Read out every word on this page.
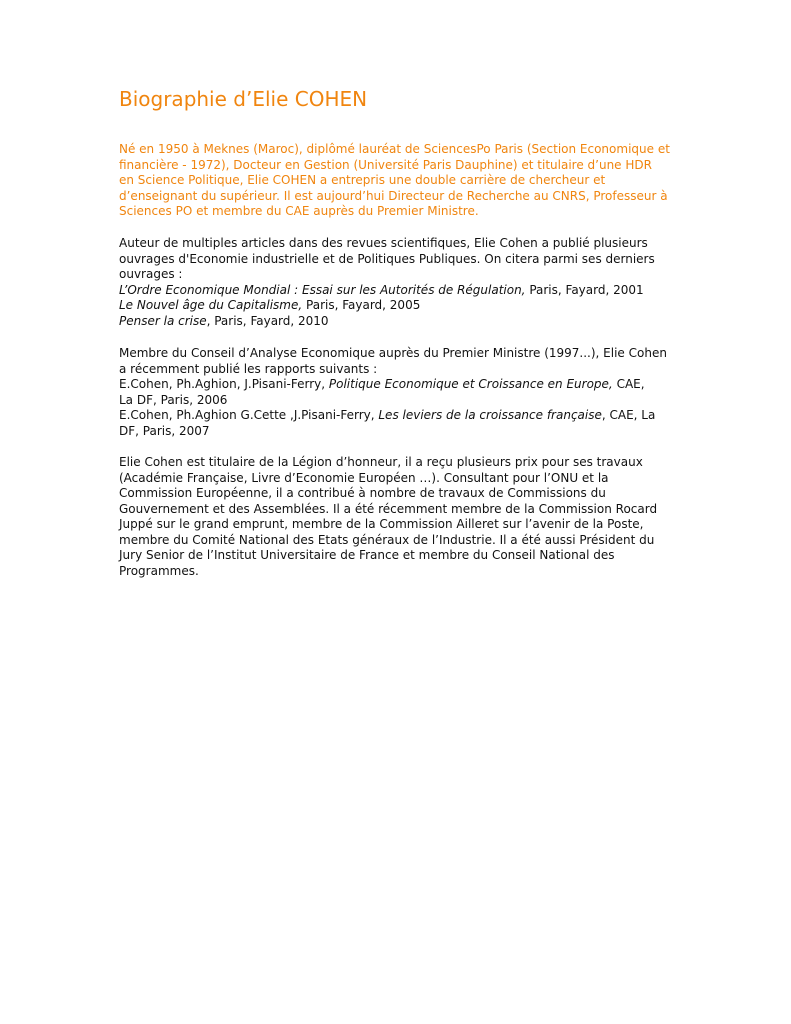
Biographie d’Elie COHEN
Né en 1950 à Meknes (Maroc), diplômé lauréat de SciencesPo Paris (Section Economique et
financière - 1972), Docteur en Gestion (Université Paris Dauphine) et titulaire d’une HDR
en Science Politique, Elie COHEN a entrepris une double carrière de chercheur et
d’enseignant du supérieur. Il est aujourd’hui Directeur de Recherche au CNRS, Professeur à
Sciences PO et membre du CAE auprès du Premier Ministre.
Auteur de multiples articles dans des revues scientifiques, Elie Cohen a publié plusieurs
ouvrages d'Economie industrielle et de Politiques Publiques. On citera parmi ses derniers
ouvrages :
L’Ordre Economique Mondial : Essai sur les Autorités de Régulation, Paris, Fayard, 2001
Le Nouvel âge du Capitalisme, Paris, Fayard, 2005
Penser la crise, Paris, Fayard, 2010
Membre du Conseil d’Analyse Economique auprès du Premier Ministre (1997...), Elie Cohen
a récemment publié les rapports suivants :
E.Cohen, Ph.Aghion, J.Pisani-Ferry, Politique Economique et Croissance en Europe, CAE,
La DF, Paris, 2006
E.Cohen, Ph.Aghion G.Cette ,J.Pisani-Ferry, Les leviers de la croissance française, CAE, La
DF, Paris, 2007
Elie Cohen est titulaire de la Légion d’honneur, il a reçu plusieurs prix pour ses travaux
(Académie Française, Livre d’Economie Européen …). Consultant pour l’ONU et la
Commission Européenne, il a contribué à nombre de travaux de Commissions du
Gouvernement et des Assemblées. Il a été récemment membre de la Commission Rocard
Juppé sur le grand emprunt, membre de la Commission Ailleret sur l’avenir de la Poste,
membre du Comité National des Etats généraux de l’Industrie. Il a été aussi Président du
Jury Senior de l’Institut Universitaire de France et membre du Conseil National des
Programmes.
